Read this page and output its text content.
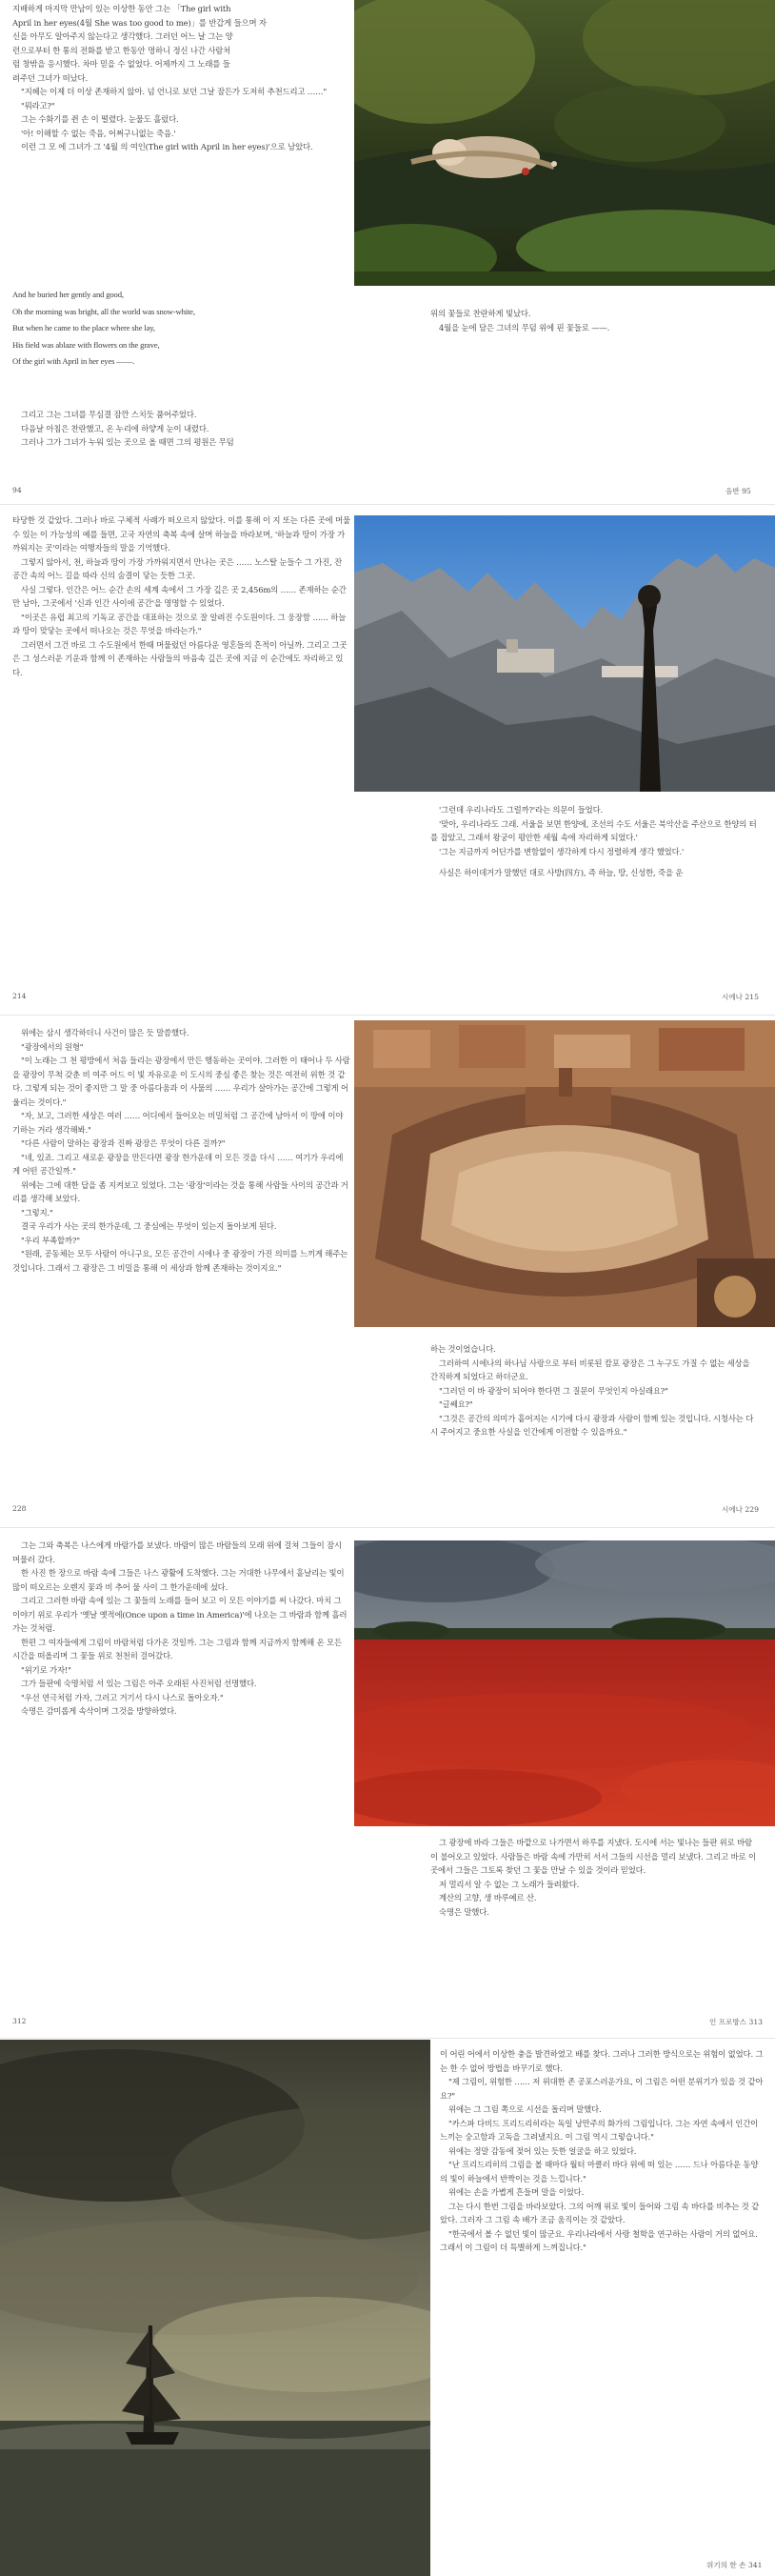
지배하게 마지막 만남이 있는 이상한 동안 그는 「The girl with

April in her eyes(4월 She was too good to me)」를 반갑게 들으며 자

신을 아무도 알아주지 않는다고 생각했다. 그러던 어느 날 그는 양

런으로부터 한 통의 전화를 받고 한동안 멍하니 정신 나간 사람처

럼 창밖을 응시했다. 차마 믿을 수 없었다. 어제까지 그 노래를 들

려주던 그녀가 떠났다.

"지혜는 이제 더 이상 존재하지 않아. 넘 언니로 보던 그날 잠든가 도저히 추천드리고 ……"

"뭐라고?"

그는 수화기를 쥔 손 이 떨렸다. 눈물도 흘렀다.

'아! 이해할 수 없는 죽음, 어쩌구니없는 죽음.'

이런 그 모 에 그녀가 그 '4월 의 여인(The girl with April in her eyes)'으로 남았다.

And he buried her gently and good,

Oh the morning was bright, all the world was snow-white,

But when he came to the place where she lay,

His field was ablaze with flowers on the grave,

Of the girl with April in her eyes ——.

그리고 그는 그녀를 무심결 잠깐 스치듯 품어주었다.

다음날 아침은 찬란했고, 온 누리에 하얗게 눈이 내렸다.

그러나 그가 그녀가 누워 있는 곳으로 올 때면 그의 평원은 무덤

94

위의 꽃들로 찬란하게 빛났다.

4월을 눈에 담은 그녀의 무덤 위에 핀 꽃들로 ——.

음반 95

타당한 것 같았다. 그러나 바로 구체적 사례가 떠오르지 않았다. 이를 통해 이 지 또는 다른 곳에 머물 수 있는 이 가능성의 예를 들면, 고국 자연의 축복 속에 살며 하늘을 바라보며, '하늘과 땅이 가장 가까워지는 곳'이라는 여행자들의 말을 기억했다.

그렇지 않아서, 천, 하늘과 땅이 가장 가까워지면서 만나는 곳은 …… 노스탈 눈들수 그 가진, 잔 공간 속의 어느 길을 따라 신의 숨결이 닿는 듯한 그곳.

사실 그렇다. 인간은 어느 순간 손의 세계 속에서 그 가장 깊은 곳 2,456m의 …… 존재하는 순간만 남아, 그곳에서 '신과 인간 사이에 공간'을 명명할 수 있었다.

"이곳은 유럽 최고의 기독교 공간을 대표하는 것으로 잘 알려진 수도원이다. 그 웅장함 …… 하늘과 땅이 맞닿는 곳에서 떠나오는 것은 무엇을 바라는가."

그러면서 그건 바로 그 수도원에서 한때 머물렀던 아름다운 영혼들의 흔적이 아닐까. 그리고 그곳은 그 성스러운 기운과 함께 이 존재하는 사람들의 마음속 깊은 곳에 지금 이 순간에도 자리하고 있다.

214

'그런데 우리나라도 그럴까?'라는 의문이 들었다.

'맞아, 우리나라도 그래. 서울을 보면 한양에, 조선의 수도 서울은 북악산을 주산으로 한양의 터를 잡았고, 그래서 왕궁이 평안한 세월 속에 자리하게 되었다.'

'그는 지금까지 어딘가를 변함없이 생각하게 다시 정렬하게 생각 했었다.'

사실은 하이데거가 말했던 대로 사방(四方), 즉 하늘, 땅, 신성한, 죽을 운

시에나 215

위에는 삼시 생각하더니 사건이 많은 듯 말씀했다.

"광장에서의 원형"

"이 노래는 그 천 평방에서 처음 들리는 광장에서 만든 행동하는 곳이야. 그러한 이 태어나 두 사람을 광장이 무척 갖춘 비 여주 어드 이 빛 자유로운 이 도시의 중심 좋은 찾는 것은 여전히 위한 것 같다. 그렇게 되는 것이 좋지만 그 말 중 아름다움과 이 사물의 …… 우리가 살아가는 공간에 그렇게 어울리는 것이다."

"자, 보고, 그러한 세상은 여러 …… 어디에서 들어오는 비밀처럼 그 공간에 남아서 이 땅에 이야기하는 거라 생각해봐."

"다른 사람이 말하는 광장과 진짜 광장은 무엇이 다른 걸까?"

"네, 있죠. 그리고 새로운 광장을 만든다면 광장 한가운데 이 모든 것을 다시 …… 여기가 우리에게 어떤 공간일까."

위에는 그에 대한 답을 좀 지켜보고 있었다. 그는 '광장'이라는 것을 통해 사람들 사이의 공간과 거리를 생각해 보았다.

"그렇지."

결국 우리가 사는 곳의 한가운데, 그 중심에는 무엇이 있는지 돌아보게 된다.

"우리 부족할까?"

"원래, 공동체는 모두 사람이 아니구요, 모든 공간이 시에나 중 광장이 가진 의미를 느끼게 해주는 것입니다. 그래서 그 광장은 그 비밀을 통해 이 세상과 함께 존재하는 것이지요."

228

하는 것이었습니다.

그러하여 시에나의 하나님 사랑으로 부터 비롯된 캄포 광장은 그 누구도 가질 수 없는 세상을 간직하게 되었다고 하더군요.

"그러던 이 바 광장이 되어야 한다면 그 질문이 무엇인지 아실래요?"

"글쎄요?"

"그것은 공간의 의미가 흩어지는 시기에 다시 광장과 사람이 함께 있는 것입니다. 시청사는 다시 주어지고 중요한 사실을 인간에게 이전할 수 있을까요."

시에나 229

그는 그와 축복은 나스에게 바람가를 보냈다. 바람이 많은 바람들의 모래 위에 걸쳐 그들이 잠시 머물러 갔다.

한 사진 한 장으로 바람 속에 그들은 나스 광활에 도착했다. 그는 거대한 나무에서 흩날리는 빛이 많이 떠오르는 오렌지 꽃과 비 추어 물 사이 그 한가운데에 섰다.

그리고 그러한 바람 속에 있는 그 꽃들의 노래를 들어 보고 이 모든 이야기를 써 나갔다. 마치 그 이야기 위로 우리가 '옛날 옛적에(Once upon a time in America)'에 나오는 그 바람과 함께 흘러가는 것처럼.

한편 그 여자들에게 그림이 바람처럼 다가온 것일까. 그는 그림과 함께 지금까지 함께해 온 모든 시간을 떠올리며 그 꽃들 위로 천천히 걸어갔다.

"위기로 가자!"

그가 들판에 숙명처럼 서 있는 그림은 아주 오래된 사진처럼 선명했다.

"우선 연극처럼 가자, 그러고 거기서 다시 나스로 돌아오자."

숙명은 감미롭게 속삭이며 그것을 방향하였다.

312

그 광장에 바라 그들은 바깥으로 나가면서 하루를 지냈다. 도시에 서는 빛나는 들판 위로 바람이 불어오고 있었다. 사람들은 바람 속에 가만히 서서 그들의 시선을 멀리 보냈다. 그리고 바로 이 곳에서 그들은 그토록 찾던 그 꽃을 만날 수 있을 것이라 믿었다.

저 멀리서 알 수 없는 그 노래가 들려왔다.

계산의 고향, 생 바루예르 산.

숙명은 말했다.

인 프로방스 313

이 어린 어에서 이상한 충을 발견하였고 배를 찾다. 그러나 그러한 방식으로는 위험이 없었다. 그는 한 수 없어 방법을 바꾸기로 했다.

"제 그림이, 위험한 …… 저 위대한 존 공포스러운가요, 이 그림은 어떤 분위기가 있을 것 같아요?"

위에는 그 그림 쪽으로 시선을 돌리며 말했다.

"카스파 다비드 프리드리히라는 독일 낭만주의 화가의 그림입니다. 그는 자연 속에서 인간이 느끼는 숭고함과 고독을 그려냈지요. 이 그림 역시 그렇습니다."

위에는 정말 감동에 젖어 있는 듯한 얼굴을 하고 있었다.

"난 프리드리히의 그림을 볼 때마다 월터 마클러 바다 위에 떠 있는 …… 드나 아름다운 동양의 빛이 하늘에서 반짝이는 것을 느낍니다."

위에는 손을 가볍게 흔들며 말을 이었다.

그는 다시 한번 그림을 바라보았다. 그의 어깨 위로 빛이 들어와 그림 속 바다를 비추는 것 같았다. 그러자 그 그림 속 배가 조금 움직이는 것 같았다.

"한국에서 볼 수 없던 빛이 많군요. 우리나라에서 사랑 철학을 연구하는 사람이 거의 없어요. 그래서 이 그림이 더 특별하게 느껴집니다."

위기의 한 손 341
